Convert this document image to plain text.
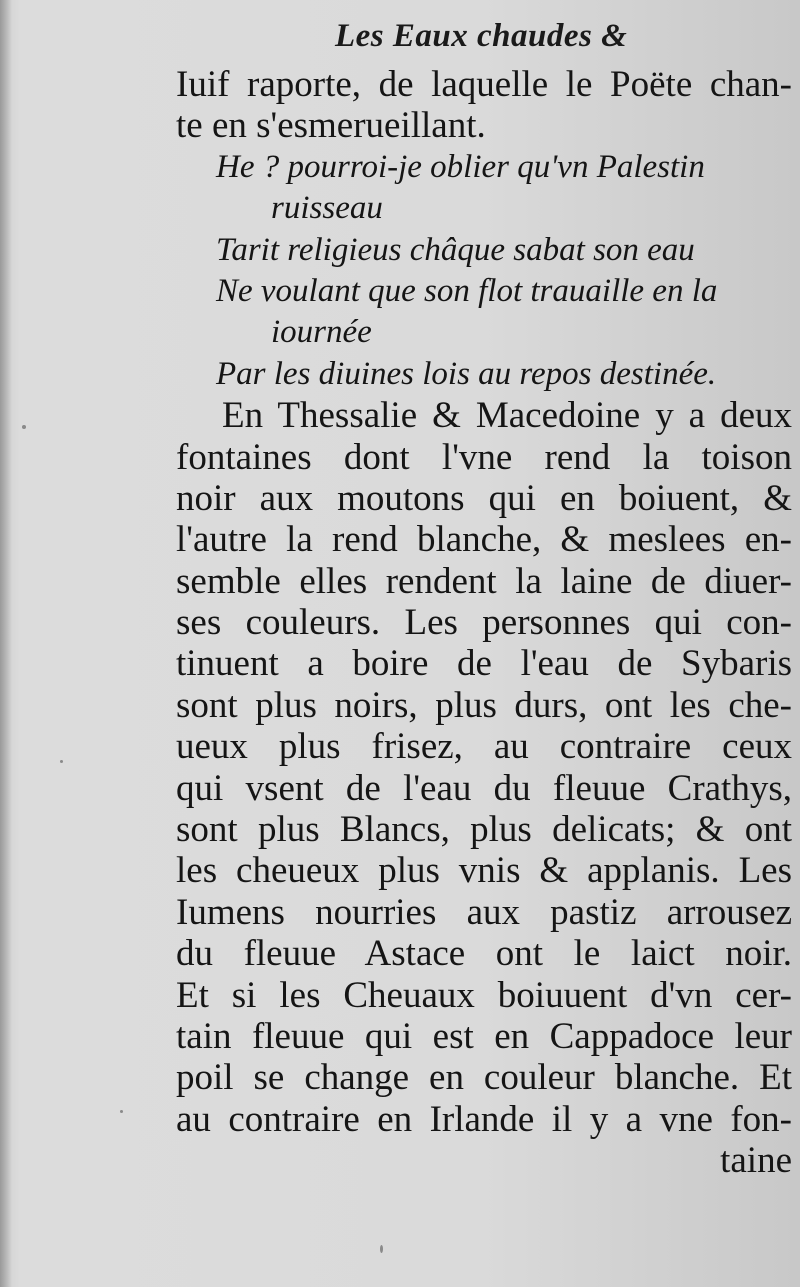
Les Eaux chaudes &
Iuif raporte, de laquelle le Poëte chan-
te en s'esmerueillant.
He ? pourroi-je oblier qu'vn Palestin
ruisseau
Tarit religieus châque sabat son eau
Ne voulant que son flot trauaille en la
iournée
Par les diuines lois au repos destinée.
En Thessalie & Macedoine y a deux
fontaines dont l'vne rend la toison
noir aux moutons qui en boiuent, &
l'autre la rend blanche, & meslees en-
semble elles rendent la laine de diuer-
ses couleurs. Les personnes qui con-
tinuent a boire de l'eau de Sybaris
sont plus noirs, plus durs, ont les che-
ueux plus frisez, au contraire ceux
qui vsent de l'eau du fleuue Crathys,
sont plus Blancs, plus delicats; & ont
les cheueux plus vnis & applanis. Les
Iumens nourries aux pastiz arrousez
du fleuue Astace ont le laict noir.
Et si les Cheuaux boiuuent d'vn cer-
tain fleuue qui est en Cappadoce leur
poil se change en couleur blanche. Et
au contraire en Irlande il y a vne fon-
taine
